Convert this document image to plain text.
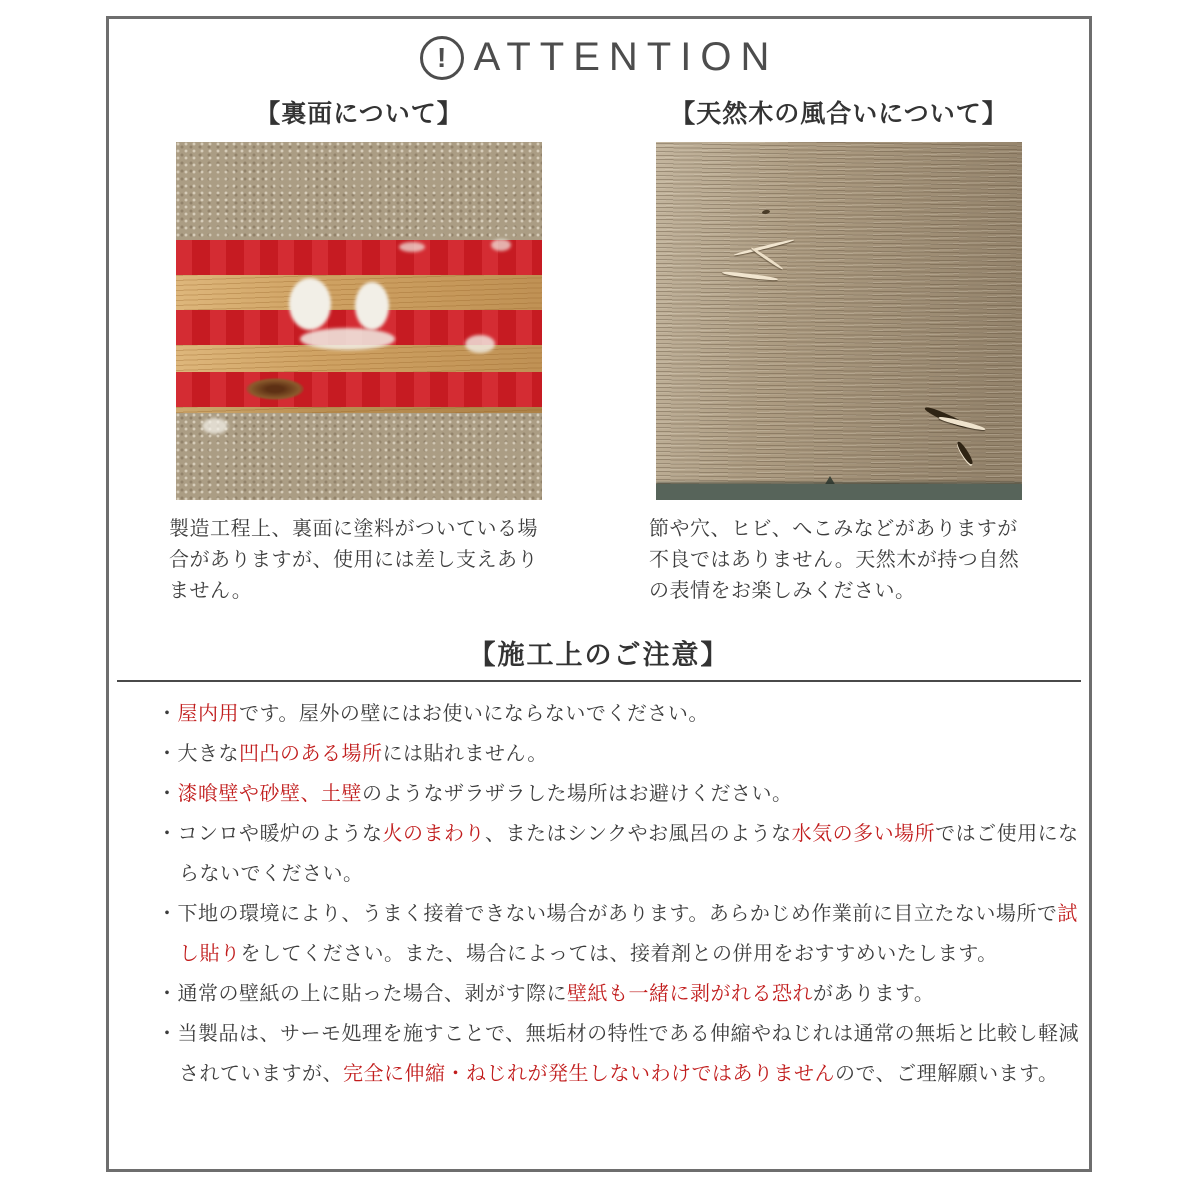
! ATTENTION
【裏面について】

製造工程上、裏面に塗料がついている場合がありますが、使用には差し支えありません。

【天然木の風合いについて】

節や穴、ヒビ、へこみなどがありますが不良ではありません。天然木が持つ自然の表情をお楽しみください。

【施工上のご注意】
・屋内用です。屋外の壁にはお使いにならないでください。
・大きな凹凸のある場所には貼れません。
・漆喰壁や砂壁、土壁のようなザラザラした場所はお避けください。
・コンロや暖炉のような火のまわり、またはシンクやお風呂のような水気の多い場所ではご使用にならないでください。
・下地の環境により、うまく接着できない場合があります。あらかじめ作業前に目立たない場所で試し貼りをしてください。また、場合によっては、接着剤との併用をおすすめいたします。
・通常の壁紙の上に貼った場合、剥がす際に壁紙も一緒に剥がれる恐れがあります。
・当製品は、サーモ処理を施すことで、無垢材の特性である伸縮やねじれは通常の無垢と比較し軽減されていますが、完全に伸縮・ねじれが発生しないわけではありませんので、ご理解願います。
